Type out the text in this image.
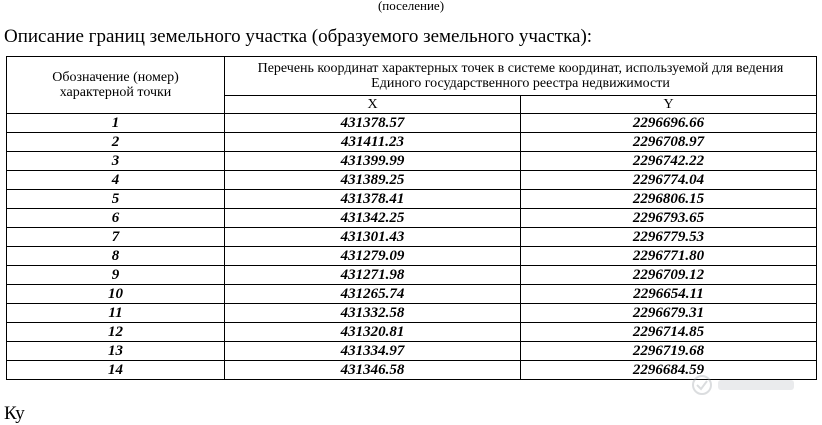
(поселение)
Описание границ земельного участка (образуемого земельного участка):
Обозначение (номер) характерной точки	Перечень координат характерных точек в системе координат, используемой для ведения Единого государственного реестра недвижимости	
	X	Y
1	431378.57	2296696.66
2	431411.23	2296708.97
3	431399.99	2296742.22
4	431389.25	2296774.04
5	431378.41	2296806.15
6	431342.25	2296793.65
7	431301.43	2296779.53
8	431279.09	2296771.80
9	431271.98	2296709.12
10	431265.74	2296654.11
11	431332.58	2296679.31
12	431320.81	2296714.85
13	431334.97	2296719.68
14	431346.58	2296684.59
Ку
